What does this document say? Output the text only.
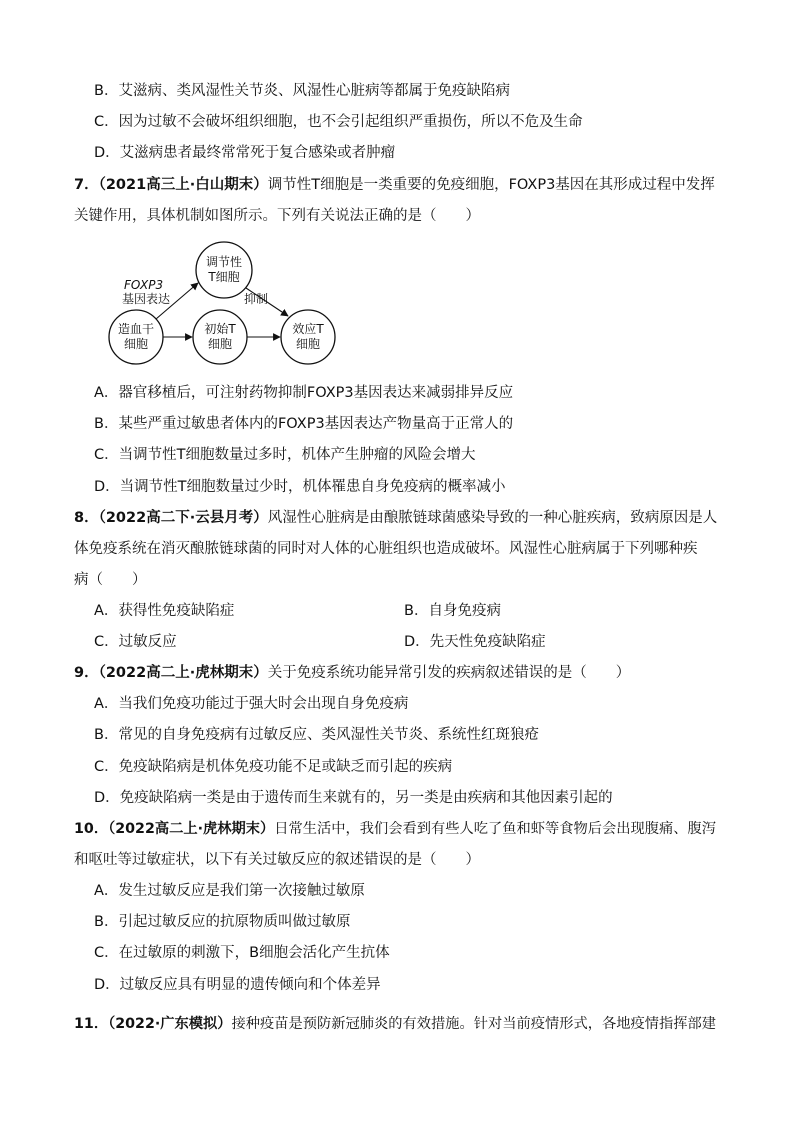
B．艾滋病、类风湿性关节炎、风湿性心脏病等都属于免疫缺陷病
C．因为过敏不会破坏组织细胞，也不会引起组织严重损伤，所以不危及生命
D．艾滋病患者最终常常死于复合感染或者肿瘤
7．（2021高三上·白山期末）调节性T细胞是一类重要的免疫细胞，FOXP3基因在其形成过程中发挥
关键作用，具体机制如图所示。下列有关说法正确的是（　　）
调节性
T细胞
造血干
细胞
初始T
细胞
效应T
细胞
FOXP3
基因表达	抑制
A．器官移植后，可注射药物抑制FOXP3基因表达来减弱排异反应
B．某些严重过敏患者体内的FOXP3基因表达产物量高于正常人的
C．当调节性T细胞数量过多时，机体产生肿瘤的风险会增大
D．当调节性T细胞数量过少时，机体罹患自身免疫病的概率减小
8．（2022高二下·云县月考）风湿性心脏病是由酿脓链球菌感染导致的一种心脏疾病，致病原因是人
体免疫系统在消灭酿脓链球菌的同时对人体的心脏组织也造成破坏。风湿性心脏病属于下列哪种疾
病（　　）
A．获得性免疫缺陷症	B．自身免疫病
C．过敏反应	D．先天性免疫缺陷症
9．（2022高二上·虎林期末）关于免疫系统功能异常引发的疾病叙述错误的是（　　）
A．当我们免疫功能过于强大时会出现自身免疫病
B．常见的自身免疫病有过敏反应、类风湿性关节炎、系统性红斑狼疮
C．免疫缺陷病是机体免疫功能不足或缺乏而引起的疾病
D．免疫缺陷病一类是由于遗传而生来就有的，另一类是由疾病和其他因素引起的
10．（2022高二上·虎林期末）日常生活中，我们会看到有些人吃了鱼和虾等食物后会出现腹痛、腹泻
和呕吐等过敏症状，以下有关过敏反应的叙述错误的是（　　）
A．发生过敏反应是我们第一次接触过敏原
B．引起过敏反应的抗原物质叫做过敏原
C．在过敏原的刺激下，B细胞会活化产生抗体
D．过敏反应具有明显的遗传倾向和个体差异
11．（2022·广东模拟）接种疫苗是预防新冠肺炎的有效措施。针对当前疫情形式，各地疫情指挥部建
